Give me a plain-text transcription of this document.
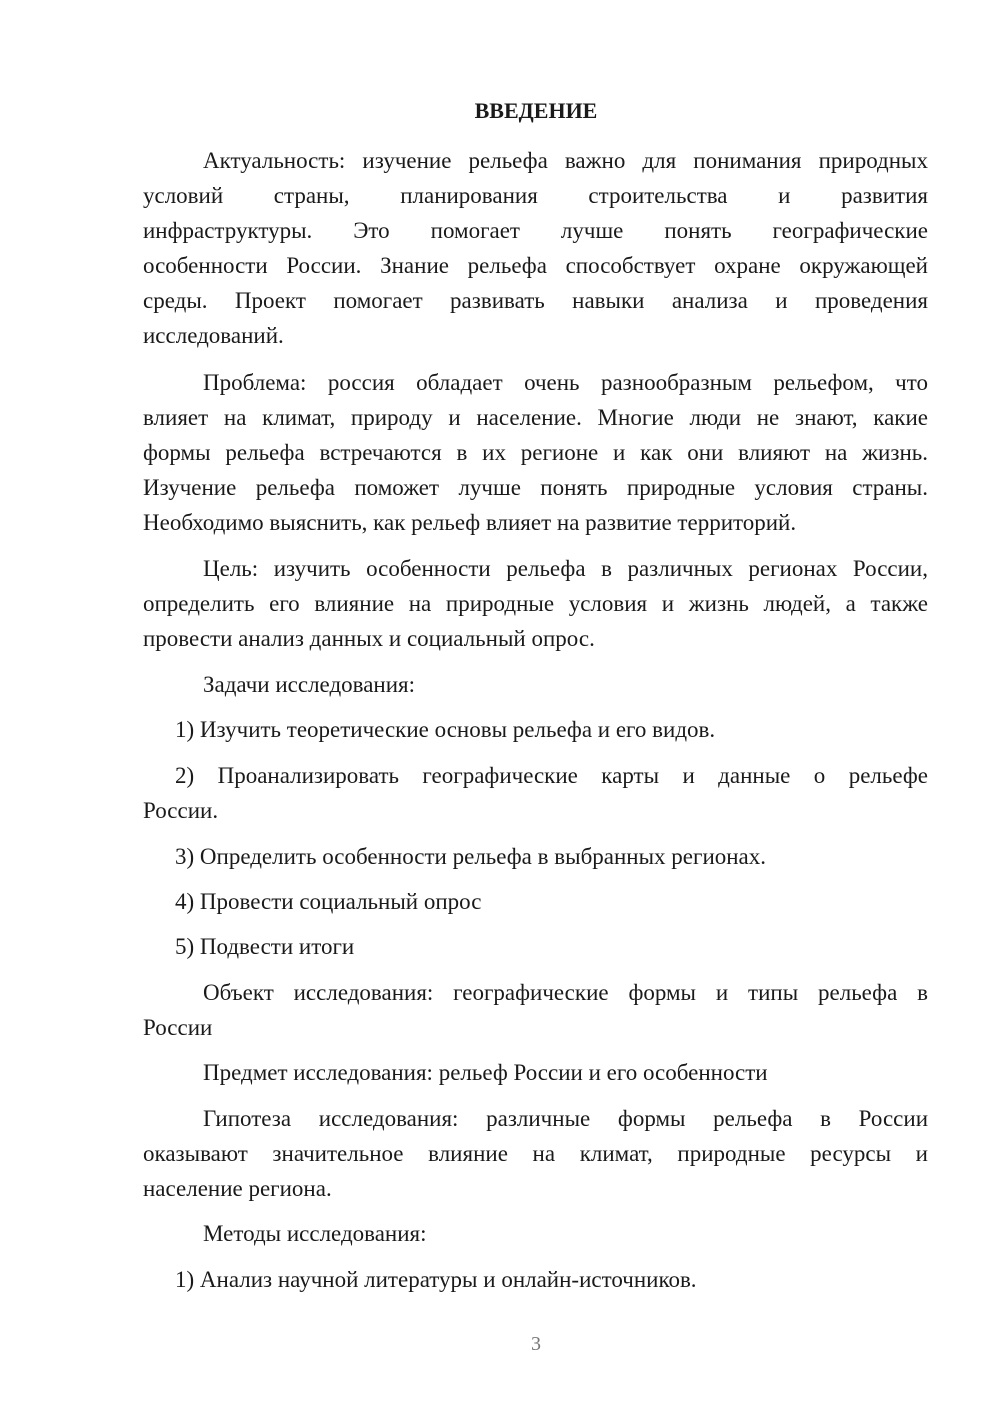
ВВЕДЕНИЕ
Актуальность: изучение рельефа важно для понимания природных
условий страны, планирования строительства и развития
инфраструктуры. Это помогает лучше понять географические
особенности России. Знание рельефа способствует охране окружающей
среды. Проект помогает развивать навыки анализа и проведения
исследований.
Проблема: россия обладает очень разнообразным рельефом, что
влияет на климат, природу и население. Многие люди не знают, какие
формы рельефа встречаются в их регионе и как они влияют на жизнь.
Изучение рельефа поможет лучше понять природные условия страны.
Необходимо выяснить, как рельеф влияет на развитие территорий.
Цель: изучить особенности рельефа в различных регионах России,
определить его влияние на природные условия и жизнь людей, а также
провести анализ данных и социальный опрос.
Задачи исследования:
1) Изучить теоретические основы рельефа и его видов.
2) Проанализировать географические карты и данные о рельефе
России.
3) Определить особенности рельефа в выбранных регионах.
4) Провести социальный опрос
5) Подвести итоги
Объект исследования: географические формы и типы рельефа в
России
Предмет исследования: рельеф России и его особенности
Гипотеза исследования: различные формы рельефа в России
оказывают значительное влияние на климат, природные ресурсы и
население региона.
Методы исследования:
1) Анализ научной литературы и онлайн-источников.
3
